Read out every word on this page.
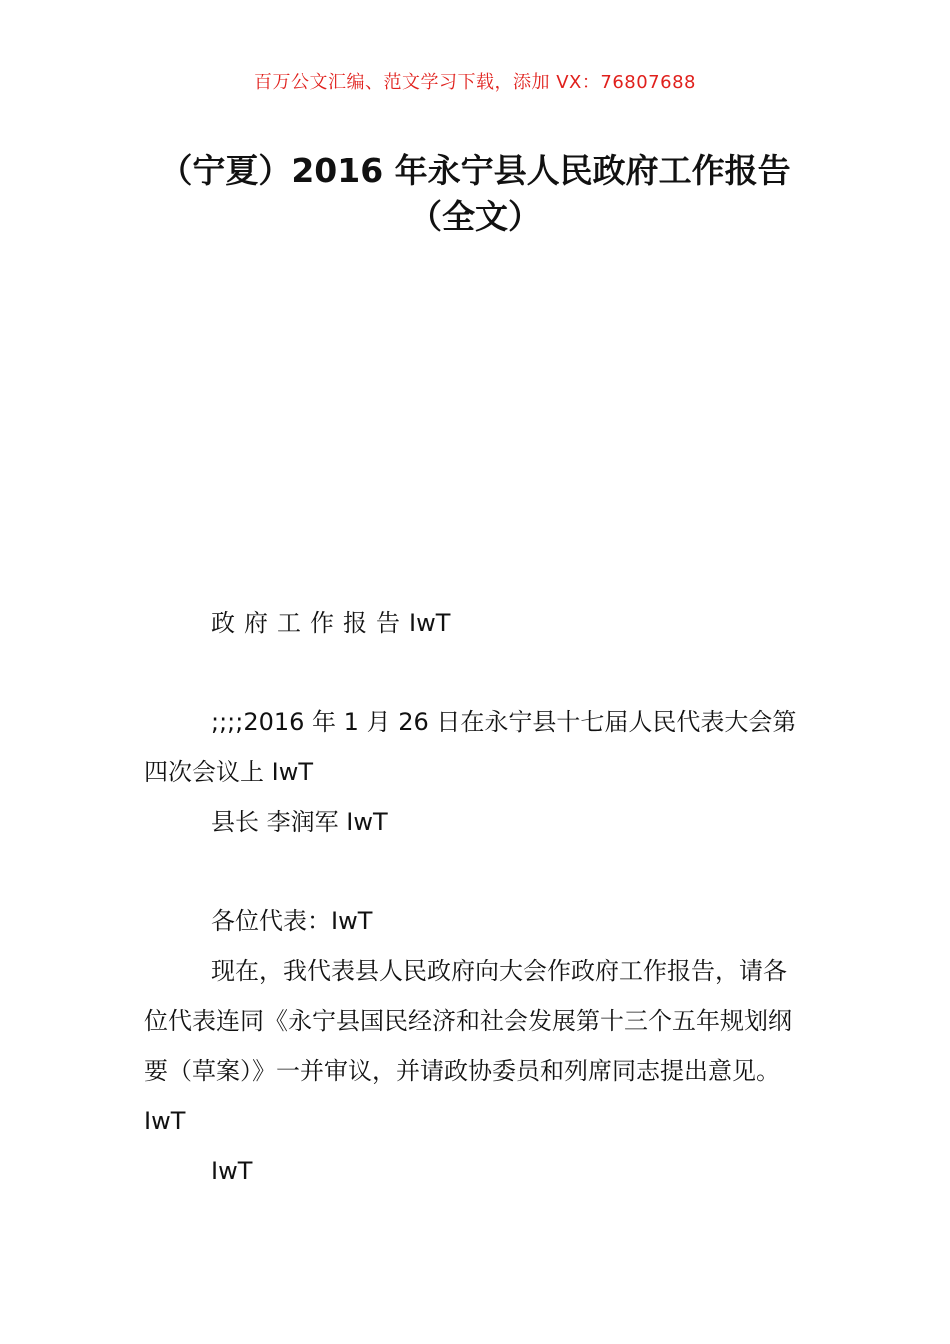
百万公文汇编、范文学习下载，添加 VX：76807688
（宁夏）2016 年永宁县人民政府工作报告
（全文）

政府工作报告IwT

;;;;2016 年 1 月 26 日在永宁县十七届人民代表大会第四次会议上 IwT

县长 李润军 IwT

各位代表：IwT

现在，我代表县人民政府向大会作政府工作报告，请各位代表连同《永宁县国民经济和社会发展第十三个五年规划纲要（草案）》一并审议，并请政协委员和列席同志提出意见。IwT

IwT
